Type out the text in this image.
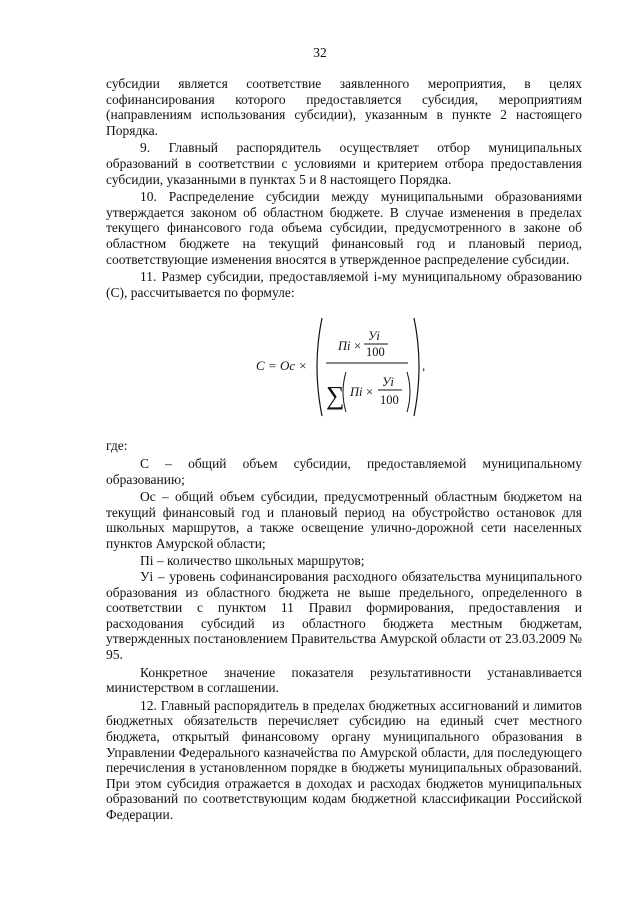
32

субсидии является соответствие заявленного мероприятия, в целях софинансирования которого предоставляется субсидия, мероприятиям (направлениям использования субсидии), указанным в пункте 2 настоящего Порядка.

9. Главный распорядитель осуществляет отбор муниципальных образований в соответствии с условиями и критерием отбора предоставления субсидии, указанными в пунктах 5 и 8 настоящего Порядка.

10. Распределение субсидии между муниципальными образованиями утверждается законом об областном бюджете. В случае изменения в пределах текущего финансового года объема субсидии, предусмотренного в законе об областном бюджете на текущий финансовый год и плановый период, соответствующие изменения вносятся в утвержденное распределение субсидии.

11. Размер субсидии, предоставляемой i-му муниципальному образованию (С), рассчитывается по формуле:

C = Oc ×
Пi ×
Уi
100
∑ Пi ×
Уi
100
,

где:

С – общий объем субсидии, предоставляемой муниципальному образованию;

Ос – общий объем субсидии, предусмотренный областным бюджетом на текущий финансовый год и плановый период на обустройство остановок для школьных маршрутов, а также освещение улично-дорожной сети населенных пунктов Амурской области;

Пi – количество школьных маршрутов;

Уi – уровень софинансирования расходного обязательства муниципального образования из областного бюджета не выше предельного, определенного в соответствии с пунктом 11 Правил формирования, предоставления и расходования субсидий из областного бюджета местным бюджетам, утвержденных постановлением Правительства Амурской области от 23.03.2009 № 95.

Конкретное значение показателя результативности устанавливается министерством в соглашении.

12. Главный распорядитель в пределах бюджетных ассигнований и лимитов бюджетных обязательств перечисляет субсидию на единый счет местного бюджета, открытый финансовому органу муниципального образования в Управлении Федерального казначейства по Амурской области, для последующего перечисления в установленном порядке в бюджеты муниципальных образований. При этом субсидия отражается в доходах и расходах бюджетов муниципальных образований по соответствующим кодам бюджетной классификации Российской Федерации.
